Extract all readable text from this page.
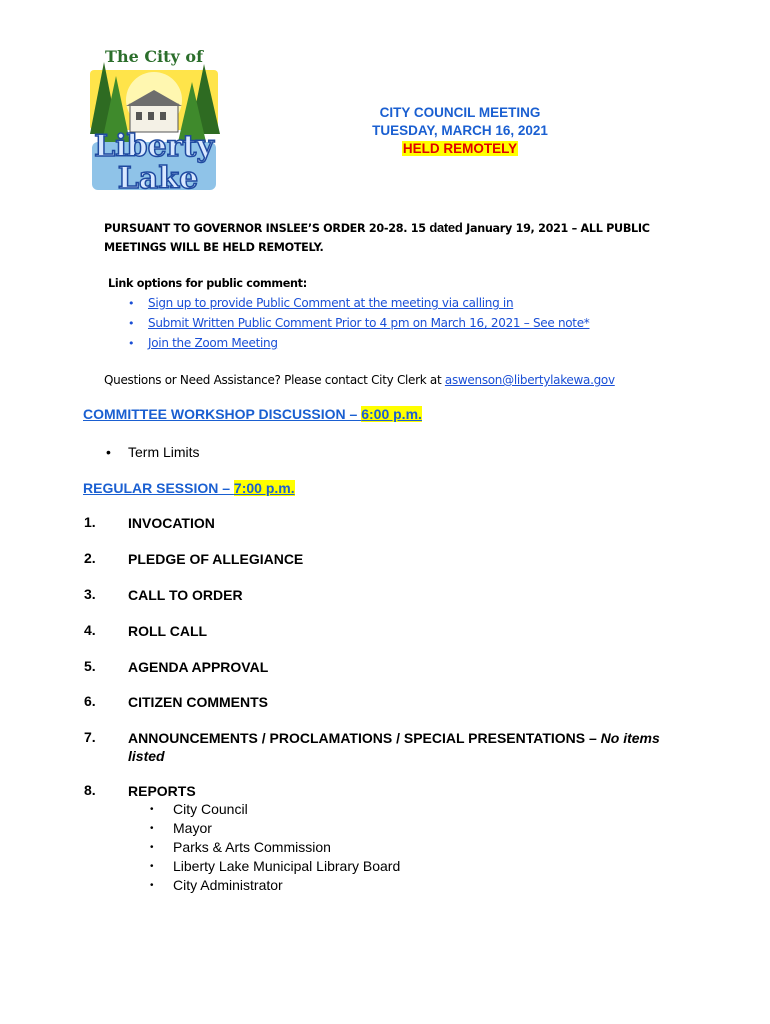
The City of
Liberty
Lake
CITY COUNCIL MEETING
TUESDAY, MARCH 16, 2021
HELD REMOTELY
PURSUANT TO GOVERNOR INSLEE’S ORDER 20-28. 15 dated January 19, 2021 – ALL PUBLIC
MEETINGS WILL BE HELD REMOTELY.
Link options for public comment:
• Sign up to provide Public Comment at the meeting via calling in
• Submit Written Public Comment Prior to 4 pm on March 16, 2021 – See note*
• Join the Zoom Meeting
Questions or Need Assistance? Please contact City Clerk at aswenson@libertylakewa.gov
COMMITTEE WORKSHOP DISCUSSION – 6:00 p.m.
• Term Limits
REGULAR SESSION – 7:00 p.m.
1.	INVOCATION
2.	PLEDGE OF ALLEGIANCE
3.	CALL TO ORDER
4.	ROLL CALL
5.	AGENDA APPROVAL
6.	CITIZEN COMMENTS
7.	ANNOUNCEMENTS / PROCLAMATIONS / SPECIAL PRESENTATIONS – No items listed
8.	REPORTS
• City Council
• Mayor
• Parks & Arts Commission
• Liberty Lake Municipal Library Board
• City Administrator
